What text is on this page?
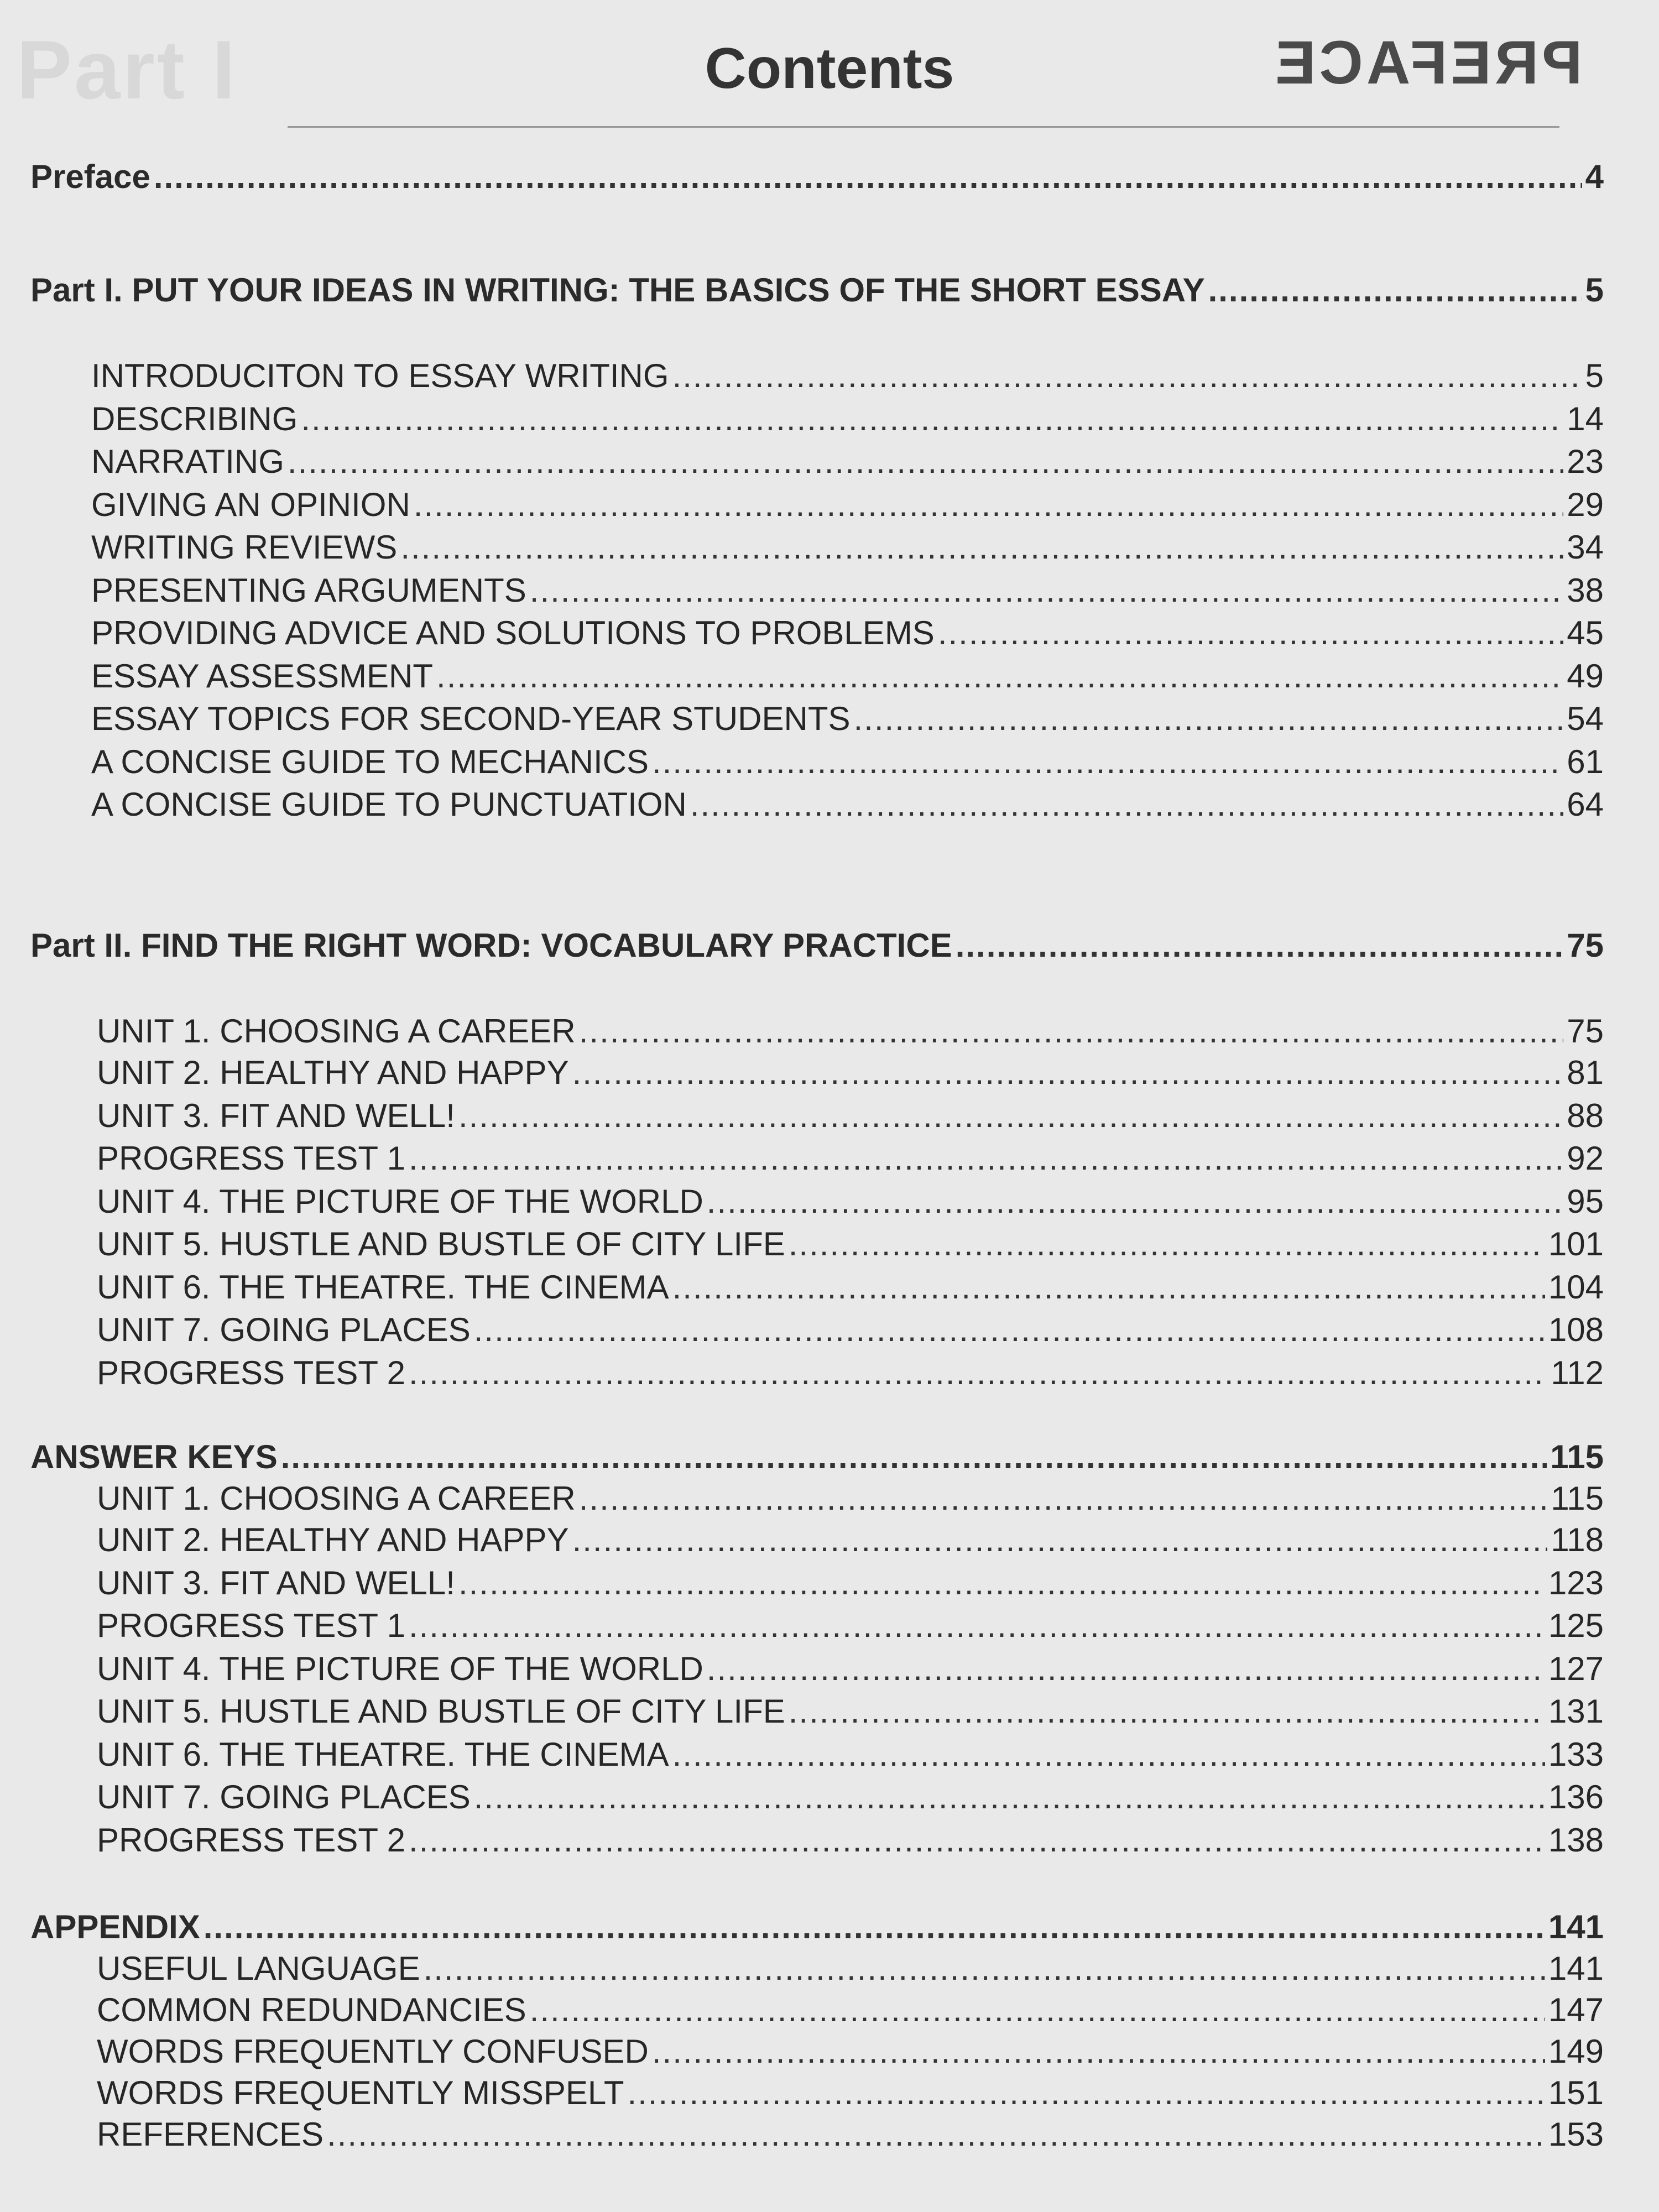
Part I	PREFACE
Contents
Preface .....	4
Part I. PUT YOUR IDEAS IN WRITING: THE BASICS OF THE SHORT ESSAY .....	5
INTRODUCITON TO ESSAY WRITING .....	5
DESCRIBING .....	14
NARRATING .....	23
GIVING AN OPINION .....	29
WRITING REVIEWS .....	34
PRESENTING ARGUMENTS .....	38
PROVIDING ADVICE AND SOLUTIONS TO PROBLEMS .....	45
ESSAY ASSESSMENT .....	49
ESSAY TOPICS FOR SECOND-YEAR STUDENTS .....	54
A CONCISE GUIDE TO MECHANICS .....	61
A CONCISE GUIDE TO PUNCTUATION .....	64
Part II. FIND THE RIGHT WORD: VOCABULARY PRACTICE .....	75
UNIT 1. CHOOSING A CAREER .....	75
UNIT 2. HEALTHY AND HAPPY .....	81
UNIT 3. FIT AND WELL! .....	88
PROGRESS TEST 1 .....	92
UNIT 4. THE PICTURE OF THE WORLD .....	95
UNIT 5. HUSTLE AND BUSTLE OF CITY LIFE .....	101
UNIT 6. THE THEATRE. THE CINEMA .....	104
UNIT 7. GOING PLACES .....	108
PROGRESS TEST 2 .....	112
ANSWER KEYS .....	115
UNIT 1. CHOOSING A CAREER .....	115
UNIT 2. HEALTHY AND HAPPY .....	118
UNIT 3. FIT AND WELL! .....	123
PROGRESS TEST 1 .....	125
UNIT 4. THE PICTURE OF THE WORLD .....	127
UNIT 5. HUSTLE AND BUSTLE OF CITY LIFE .....	131
UNIT 6. THE THEATRE. THE CINEMA .....	133
UNIT 7. GOING PLACES .....	136
PROGRESS TEST 2 .....	138
APPENDIX .....	141
USEFUL LANGUAGE .....	141
COMMON REDUNDANCIES .....	147
WORDS FREQUENTLY CONFUSED .....	149
WORDS FREQUENTLY MISSPELT .....	151
REFERENCES .....	153
